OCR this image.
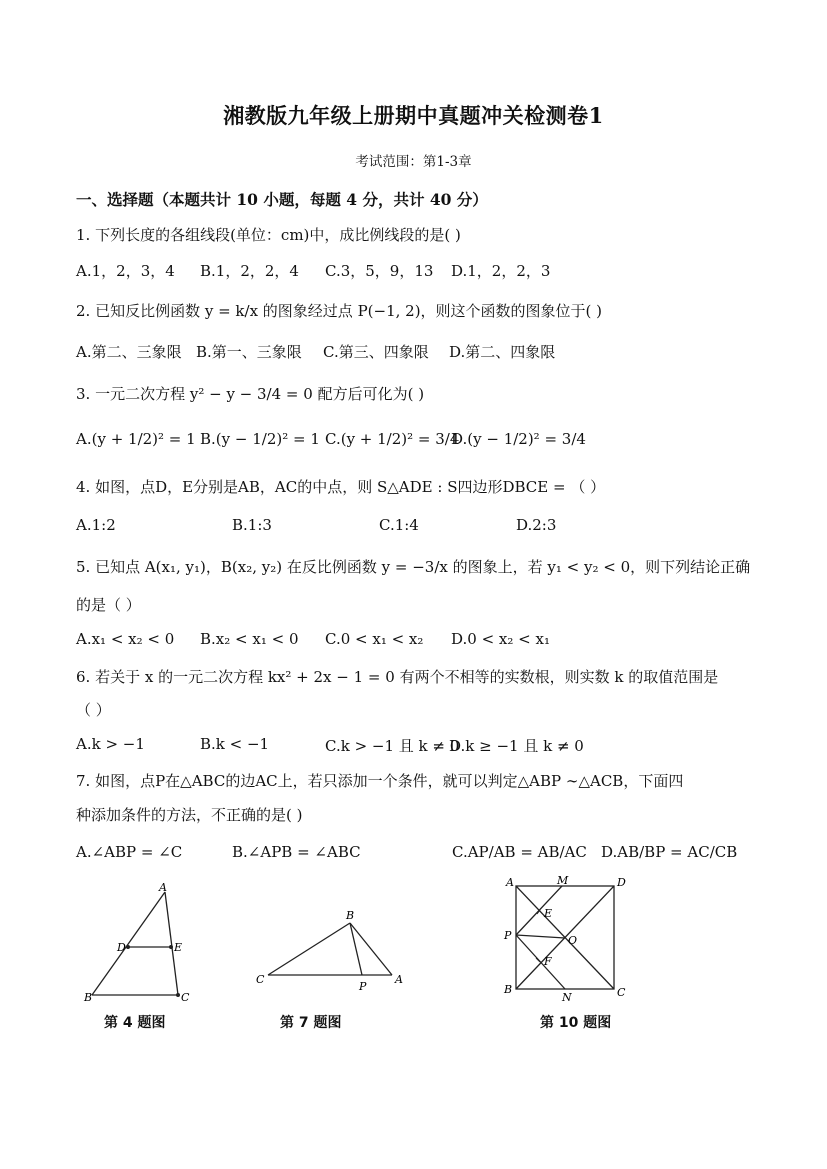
湘教版九年级上册期中真题冲关检测卷1
考试范围：第1-3章
一、选择题（本题共计 10 小题，每题 4 分，共计 40 分）
1. 下列长度的各组线段(单位：cm)中，成比例线段的是( )
A.1，2，3，4 B.1，2，2，4 C.3，5，9，13 D.1，2，2，3
2. 已知反比例函数 y = k/x 的图象经过点 P(−1, 2)，则这个函数的图象位于( )
A.第二、三象限 B.第一、三象限 C.第三、四象限 D.第二、四象限
3. 一元二次方程 y² − y − 3/4 = 0 配方后可化为( )
A.(y + 1/2)² = 1 B.(y − 1/2)² = 1 C.(y + 1/2)² = 3/4
D.(y − 1/2)² = 3/4
4. 如图，点D，E分别是AB，AC的中点，则 S△ADE : S四边形DBCE = （ ）
A.1:2	B.1:3	C.1:4	D.2:3
5. 已知点 A(x₁, y₁)，B(x₂, y₂) 在反比例函数 y = −3/x 的图象上，若 y₁ < y₂ < 0，则下列结论正确
的是（ ）
A.x₁ < x₂ < 0 B.x₂ < x₁ < 0 C.0 < x₁ < x₂ D.0 < x₂ < x₁
6. 若关于 x 的一元二次方程 kx² + 2x − 1 = 0 有两个不相等的实数根，则实数 k 的取值范围是
（ ）
A.k > −1	B.k < −1	C.k > −1 且 k ≠ 0
D.k ≥ −1 且 k ≠ 0
7. 如图，点P在△ABC的边AC上，若只添加一个条件，就可以判定△ABP ∼△ACB，下面四
种添加条件的方法，不正确的是( )
A.∠ABP = ∠C	B.∠APB = ∠ABC	C.AP/AB = AB/AC D.AB/BP = AC/CB
A
D	E
B	C
第 4 题图
B
C
P
A
第 7 题图
A	M	D
E
P	O
F
B
N	C
第 10 题图
